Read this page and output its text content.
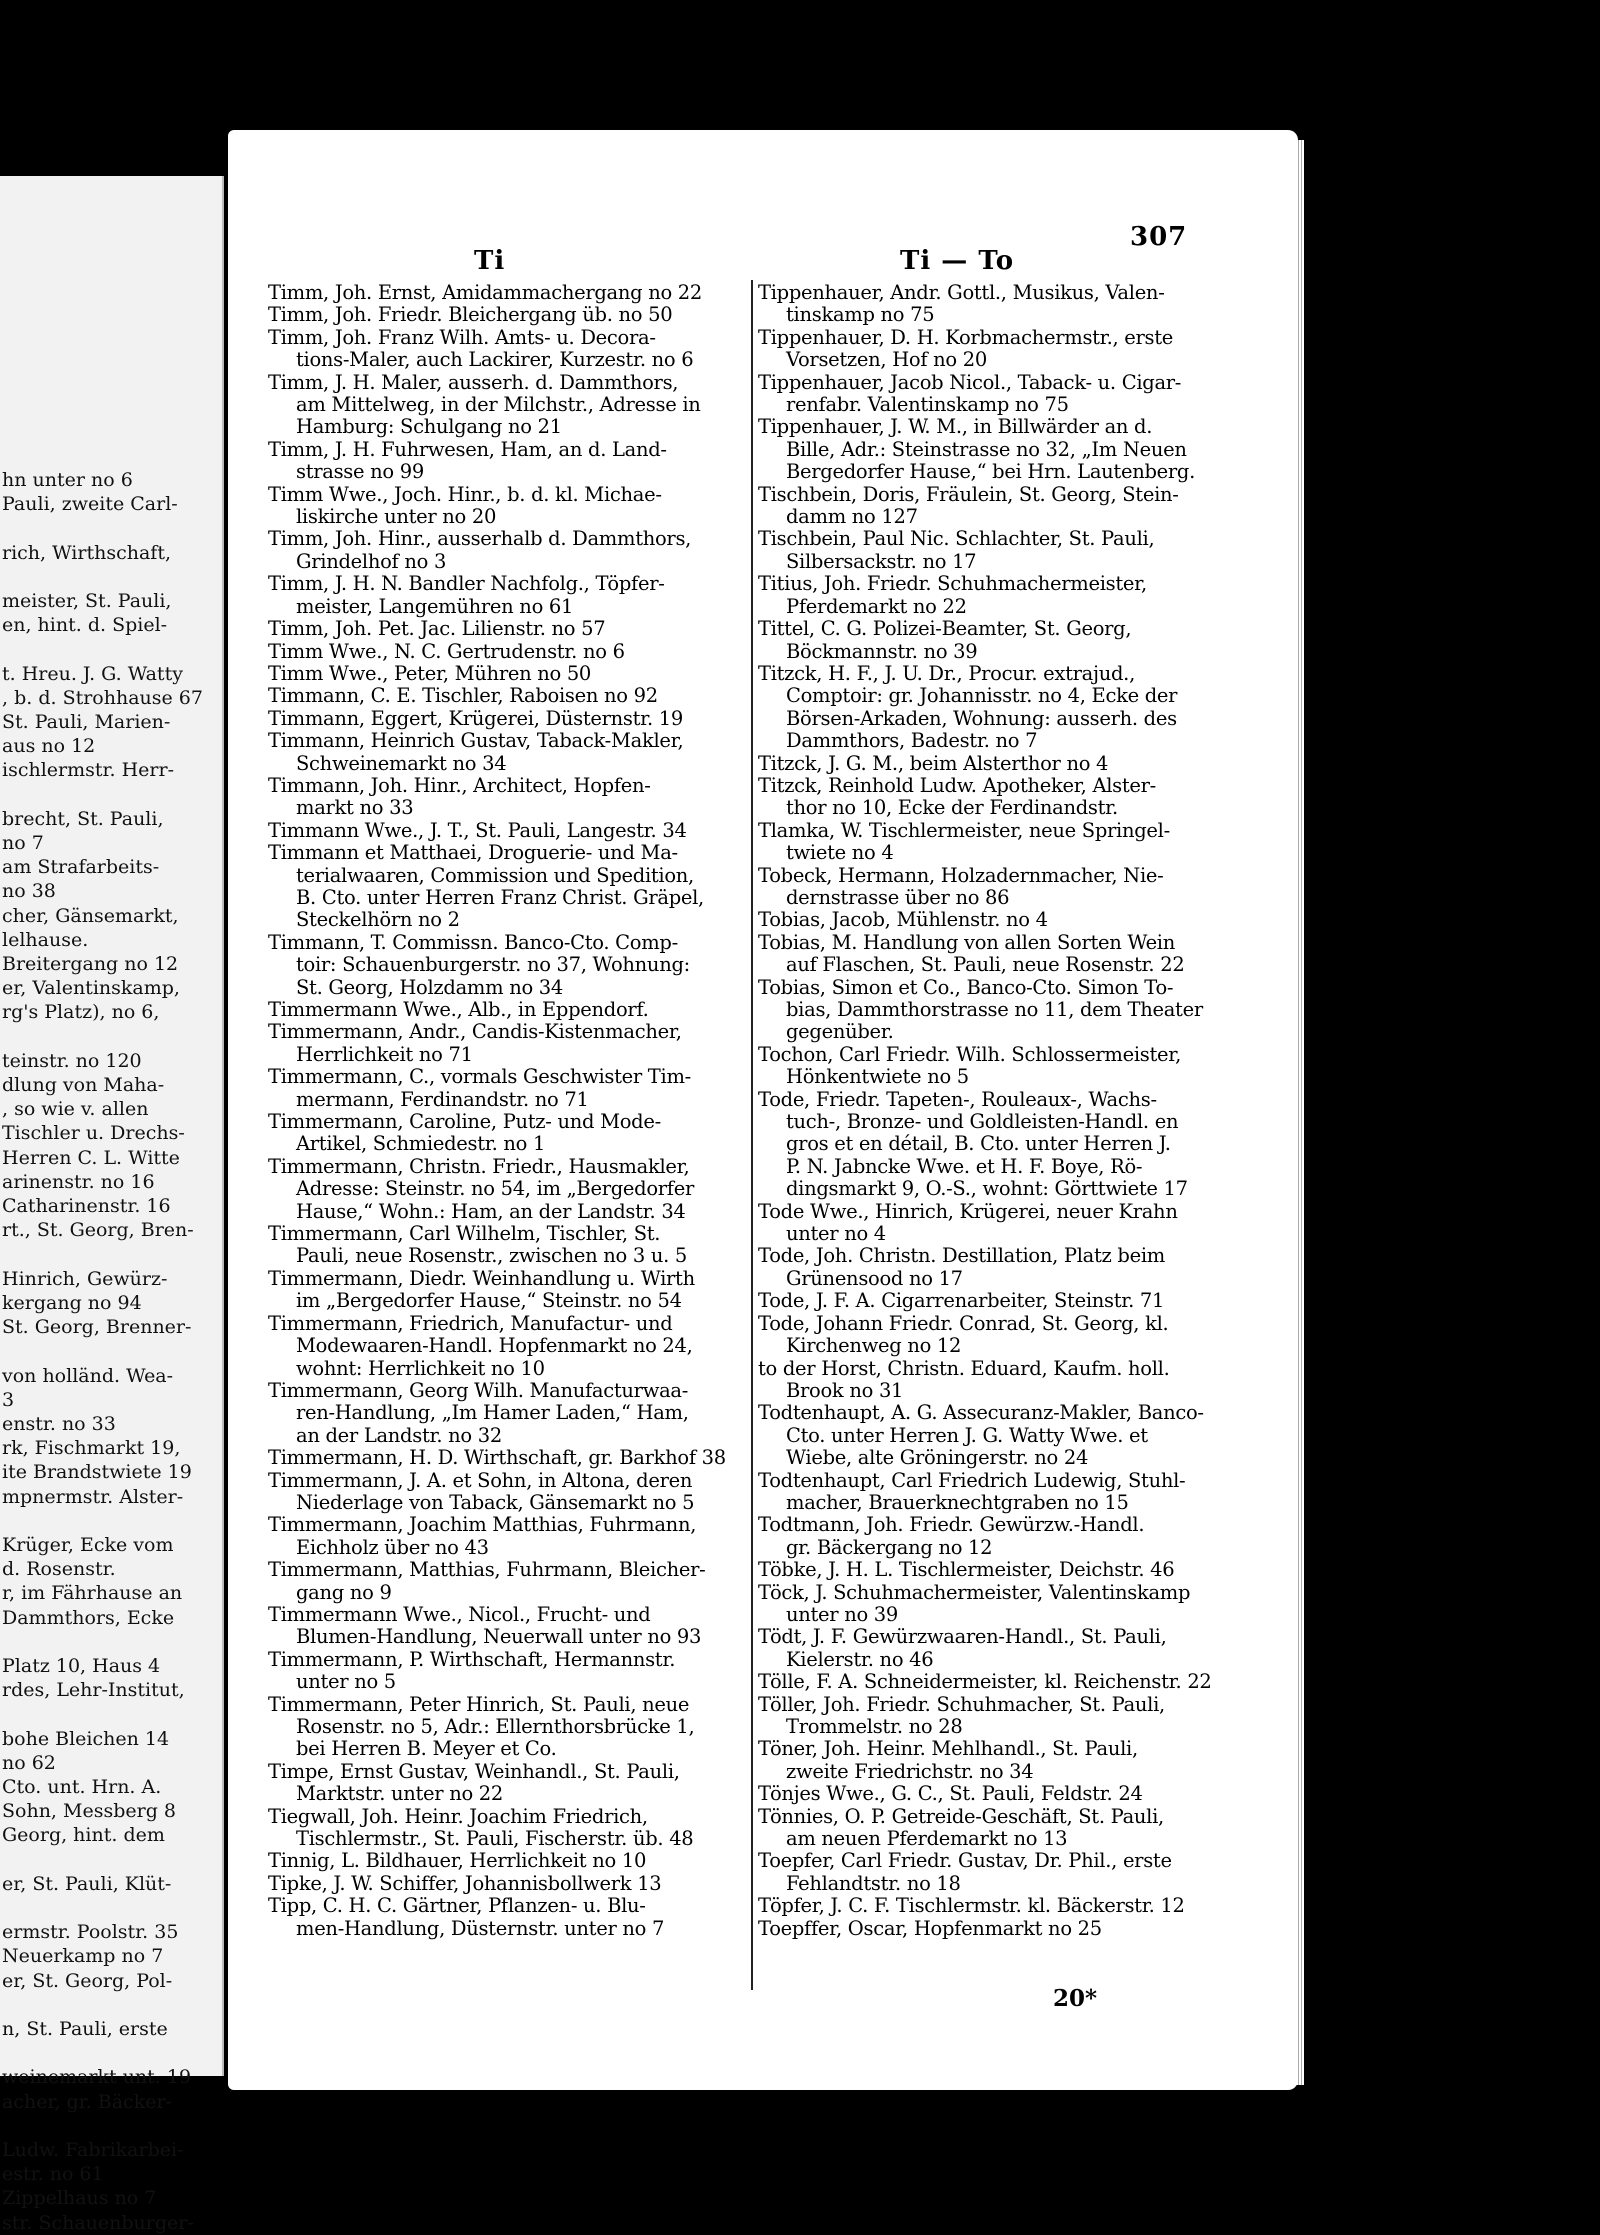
hn unter no 6
Pauli, zweite Carl-

rich, Wirthschaft,

meister, St. Pauli,
en, hint. d. Spiel-

t. Hreu. J. G. Watty
, b. d. Strohhause 67
St. Pauli, Marien-
aus no 12
ischlermstr. Herr-

brecht, St. Pauli,
no 7
am Strafarbeits-
no 38
cher, Gänsemarkt,
lelhause.
Breitergang no 12
er, Valentinskamp,
rg's Platz), no 6,

teinstr. no 120
dlung von Maha-
, so wie v. allen
Tischler u. Drechs-
Herren C. L. Witte
arinenstr. no 16
Catharinenstr. 16
rt., St. Georg, Bren-

Hinrich, Gewürz-
kergang no 94
St. Georg, Brenner-

von holländ. Wea-
3
enstr. no 33
rk, Fischmarkt 19,
ite Brandstwiete 19
mpnermstr. Alster-

Krüger, Ecke vom
d. Rosenstr.
r, im Fährhause an
Dammthors, Ecke

Platz 10, Haus 4
rdes, Lehr-Institut,

bohe Bleichen 14
no 62
Cto. unt. Hrn. A.
Sohn, Messberg 8
Georg, hint. dem

er, St. Pauli, Klüt-

ermstr. Poolstr. 35
Neuerkamp no 7
er, St. Georg, Pol-

n, St. Pauli, erste

weinemarkt unt. 19
acher, gr. Bäcker-

Ludw. Fabrikarbei-
estr. no 61
Zippelhaus no 7
str. Schauenburger-
Ti	Ti — To
307
Timm, Joh. Ernst, Amidammachergang no 22
Timm, Joh. Friedr. Bleichergang üb. no 50
Timm, Joh. Franz Wilh. Amts- u. Decora-
tions-Maler, auch Lackirer, Kurzestr. no 6
Timm, J. H. Maler, ausserh. d. Dammthors,
am Mittelweg, in der Milchstr., Adresse in
Hamburg: Schulgang no 21
Timm, J. H. Fuhrwesen, Ham, an d. Land-
strasse no 99
Timm Wwe., Joch. Hinr., b. d. kl. Michae-
liskirche unter no 20
Timm, Joh. Hinr., ausserhalb d. Dammthors,
Grindelhof no 3
Timm, J. H. N. Bandler Nachfolg., Töpfer-
meister, Langemühren no 61
Timm, Joh. Pet. Jac. Lilienstr. no 57
Timm Wwe., N. C. Gertrudenstr. no 6
Timm Wwe., Peter, Mühren no 50
Timmann, C. E. Tischler, Raboisen no 92
Timmann, Eggert, Krügerei, Düsternstr. 19
Timmann, Heinrich Gustav, Taback-Makler,
Schweinemarkt no 34
Timmann, Joh. Hinr., Architect, Hopfen-
markt no 33
Timmann Wwe., J. T., St. Pauli, Langestr. 34
Timmann et Matthaei, Droguerie- und Ma-
terialwaaren, Commission und Spedition,
B. Cto. unter Herren Franz Christ. Gräpel,
Steckelhörn no 2
Timmann, T. Commissn. Banco-Cto. Comp-
toir: Schauenburgerstr. no 37, Wohnung:
St. Georg, Holzdamm no 34
Timmermann Wwe., Alb., in Eppendorf.
Timmermann, Andr., Candis-Kistenmacher,
Herrlichkeit no 71
Timmermann, C., vormals Geschwister Tim-
mermann, Ferdinandstr. no 71
Timmermann, Caroline, Putz- und Mode-
Artikel, Schmiedestr. no 1
Timmermann, Christn. Friedr., Hausmakler,
Adresse: Steinstr. no 54, im „Bergedorfer
Hause,“ Wohn.: Ham, an der Landstr. 34
Timmermann, Carl Wilhelm, Tischler, St.
Pauli, neue Rosenstr., zwischen no 3 u. 5
Timmermann, Diedr. Weinhandlung u. Wirth
im „Bergedorfer Hause,“ Steinstr. no 54
Timmermann, Friedrich, Manufactur- und
Modewaaren-Handl. Hopfenmarkt no 24,
wohnt: Herrlichkeit no 10
Timmermann, Georg Wilh. Manufacturwaa-
ren-Handlung, „Im Hamer Laden,“ Ham,
an der Landstr. no 32
Timmermann, H. D. Wirthschaft, gr. Barkhof 38
Timmermann, J. A. et Sohn, in Altona, deren
Niederlage von Taback, Gänsemarkt no 5
Timmermann, Joachim Matthias, Fuhrmann,
Eichholz über no 43
Timmermann, Matthias, Fuhrmann, Bleicher-
gang no 9
Timmermann Wwe., Nicol., Frucht- und
Blumen-Handlung, Neuerwall unter no 93
Timmermann, P. Wirthschaft, Hermannstr.
unter no 5
Timmermann, Peter Hinrich, St. Pauli, neue
Rosenstr. no 5, Adr.: Ellernthorsbrücke 1,
bei Herren B. Meyer et Co.
Timpe, Ernst Gustav, Weinhandl., St. Pauli,
Marktstr. unter no 22
Tiegwall, Joh. Heinr. Joachim Friedrich,
Tischlermstr., St. Pauli, Fischerstr. üb. 48
Tinnig, L. Bildhauer, Herrlichkeit no 10
Tipke, J. W. Schiffer, Johannisbollwerk 13
Tipp, C. H. C. Gärtner, Pflanzen- u. Blu-
men-Handlung, Düsternstr. unter no 7
Tippenhauer, Andr. Gottl., Musikus, Valen-
tinskamp no 75
Tippenhauer, D. H. Korbmachermstr., erste
Vorsetzen, Hof no 20
Tippenhauer, Jacob Nicol., Taback- u. Cigar-
renfabr. Valentinskamp no 75
Tippenhauer, J. W. M., in Billwärder an d.
Bille, Adr.: Steinstrasse no 32, „Im Neuen
Bergedorfer Hause,“ bei Hrn. Lautenberg.
Tischbein, Doris, Fräulein, St. Georg, Stein-
damm no 127
Tischbein, Paul Nic. Schlachter, St. Pauli,
Silbersackstr. no 17
Titius, Joh. Friedr. Schuhmachermeister,
Pferdemarkt no 22
Tittel, C. G. Polizei-Beamter, St. Georg,
Böckmannstr. no 39
Titzck, H. F., J. U. Dr., Procur. extrajud.,
Comptoir: gr. Johannisstr. no 4, Ecke der
Börsen-Arkaden, Wohnung: ausserh. des
Dammthors, Badestr. no 7
Titzck, J. G. M., beim Alsterthor no 4
Titzck, Reinhold Ludw. Apotheker, Alster-
thor no 10, Ecke der Ferdinandstr.
Tlamka, W. Tischlermeister, neue Springel-
twiete no 4
Tobeck, Hermann, Holzadernmacher, Nie-
dernstrasse über no 86
Tobias, Jacob, Mühlenstr. no 4
Tobias, M. Handlung von allen Sorten Wein
auf Flaschen, St. Pauli, neue Rosenstr. 22
Tobias, Simon et Co., Banco-Cto. Simon To-
bias, Dammthorstrasse no 11, dem Theater
gegenüber.
Tochon, Carl Friedr. Wilh. Schlossermeister,
Hönkentwiete no 5
Tode, Friedr. Tapeten-, Rouleaux-, Wachs-
tuch-, Bronze- und Goldleisten-Handl. en
gros et en détail, B. Cto. unter Herren J.
P. N. Jabncke Wwe. et H. F. Boye, Rö-
dingsmarkt 9, O.-S., wohnt: Görttwiete 17
Tode Wwe., Hinrich, Krügerei, neuer Krahn
unter no 4
Tode, Joh. Christn. Destillation, Platz beim
Grünensood no 17
Tode, J. F. A. Cigarrenarbeiter, Steinstr. 71
Tode, Johann Friedr. Conrad, St. Georg, kl.
Kirchenweg no 12
to der Horst, Christn. Eduard, Kaufm. holl.
Brook no 31
Todtenhaupt, A. G. Assecuranz-Makler, Banco-
Cto. unter Herren J. G. Watty Wwe. et
Wiebe, alte Gröningerstr. no 24
Todtenhaupt, Carl Friedrich Ludewig, Stuhl-
macher, Brauerknechtgraben no 15
Todtmann, Joh. Friedr. Gewürzw.-Handl.
gr. Bäckergang no 12
Töbke, J. H. L. Tischlermeister, Deichstr. 46
Töck, J. Schuhmachermeister, Valentinskamp
unter no 39
Tödt, J. F. Gewürzwaaren-Handl., St. Pauli,
Kielerstr. no 46
Tölle, F. A. Schneidermeister, kl. Reichenstr. 22
Töller, Joh. Friedr. Schuhmacher, St. Pauli,
Trommelstr. no 28
Töner, Joh. Heinr. Mehlhandl., St. Pauli,
zweite Friedrichstr. no 34
Tönjes Wwe., G. C., St. Pauli, Feldstr. 24
Tönnies, O. P. Getreide-Geschäft, St. Pauli,
am neuen Pferdemarkt no 13
Toepfer, Carl Friedr. Gustav, Dr. Phil., erste
Fehlandtstr. no 18
Töpfer, J. C. F. Tischlermstr. kl. Bäckerstr. 12
Toepffer, Oscar, Hopfenmarkt no 25
20*
